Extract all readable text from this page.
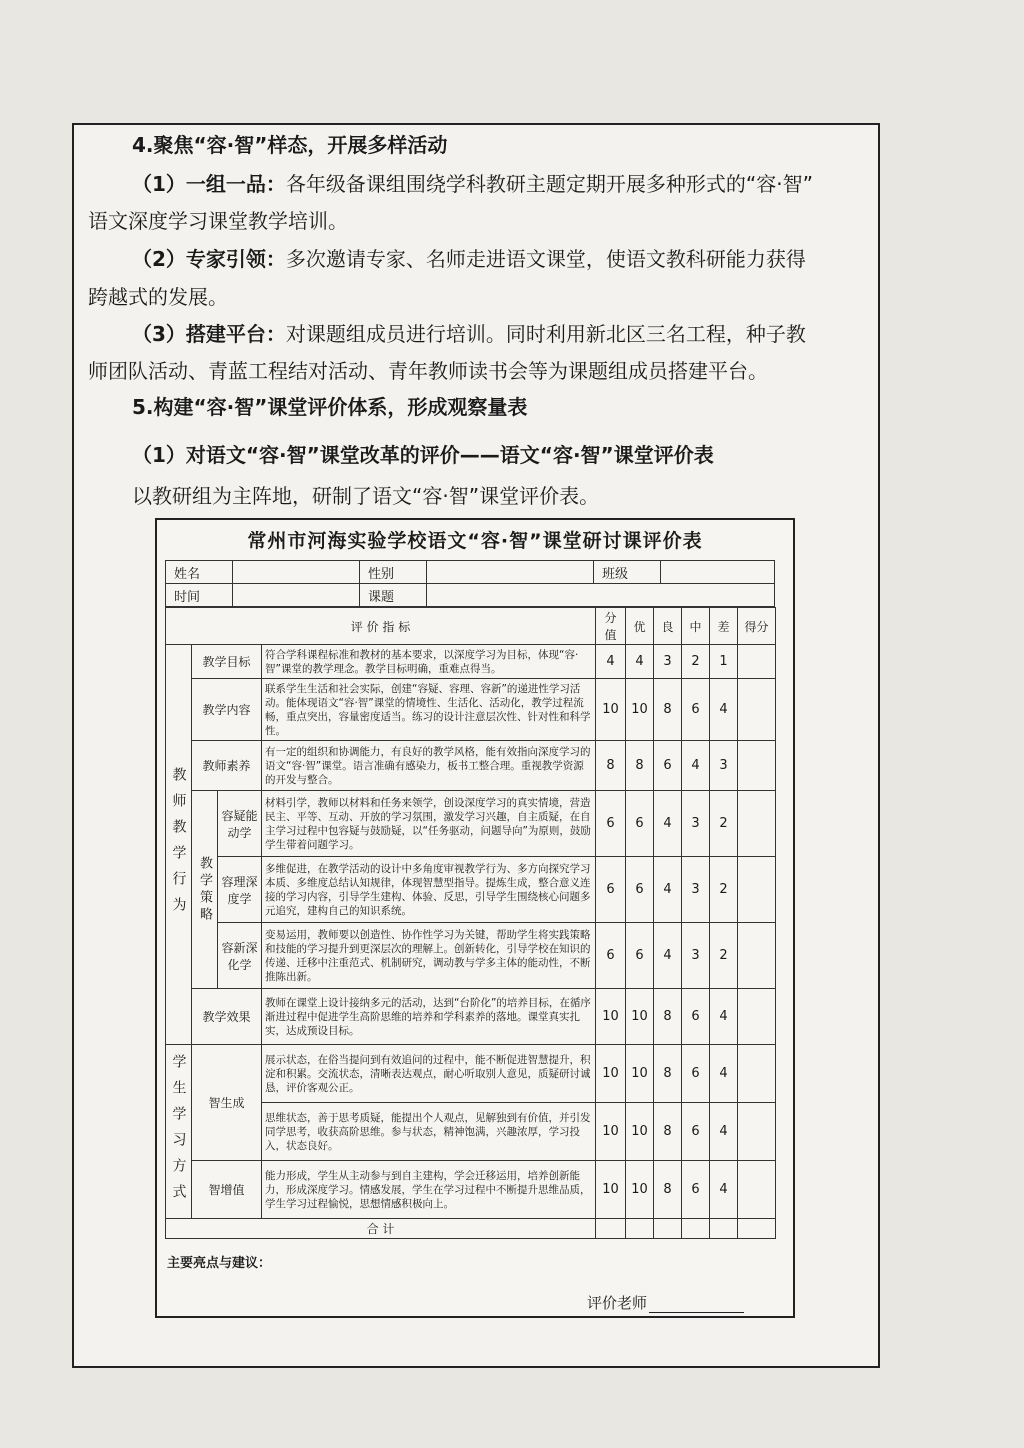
4.聚焦“容·智”样态，开展多样活动
（1）一组一品：各年级备课组围绕学科教研主题定期开展多种形式的“容·智”
语文深度学习课堂教学培训。
（2）专家引领：多次邀请专家、名师走进语文课堂，使语文教科研能力获得
跨越式的发展。
（3）搭建平台：对课题组成员进行培训。同时利用新北区三名工程，种子教
师团队活动、青蓝工程结对活动、青年教师读书会等为课题组成员搭建平台。
5.构建“容·智”课堂评价体系，形成观察量表
（1）对语文“容·智”课堂改革的评价——语文“容·智”课堂评价表
以教研组为主阵地，研制了语文“容·智”课堂评价表。
常州市河海实验学校语文“容·智”课堂研讨课评价表
姓名		性别		班级	
时间		课题			
评 价 指 标				分值	优	良	中	差	得分
教师教学行为	教学目标		符合学科课程标准和教材的基本要求，以深度学习为目标，体现“容·智”课堂的教学理念。教学目标明确，重难点得当。	4	4	3	2	1	
	教学内容		联系学生生活和社会实际，创建“容疑、容理、容新”的递进性学习活动。能体现语文“容·智”课堂的情境性、生活化、活动化，教学过程流畅，重点突出，容量密度适当。练习的设计注意层次性、针对性和科学性。	10	10	8	6	4	
	教师素养		有一定的组织和协调能力，有良好的教学风格，能有效指向深度学习的语文“容·智”课堂。语言准确有感染力，板书工整合理。重视教学资源的开发与整合。	8	8	6	4	3	
	教学策略	容疑能动学	材料引学，教师以材料和任务来领学，创设深度学习的真实情境，营造民主、平等、互动、开放的学习氛围，激发学习兴趣，自主质疑，在自主学习过程中包容疑与鼓励疑，以“任务驱动，问题导向”为原则，鼓励学生带着问题学习。	6	6	4	3	2	
		容理深度学	多维促进，在教学活动的设计中多角度审视教学行为、多方向探究学习本质、多维度总结认知规律，体现智慧型指导。提炼生成，整合意义连接的学习内容，引导学生建构、体验、反思，引导学生围绕核心问题多元追究，建构自己的知识系统。	6	6	4	3	2	
		容新深化学	变易运用，教师要以创造性、协作性学习为关键，帮助学生将实践策略和技能的学习提升到更深层次的理解上。创新转化，引导学校在知识的传递、迁移中注重范式、机制研究，调动教与学多主体的能动性，不断推陈出新。	6	6	4	3	2	
	教学效果		教师在课堂上设计接纳多元的活动，达到“台阶化”的培养目标，在循序渐进过程中促进学生高阶思维的培养和学科素养的落地。课堂真实扎实，达成预设目标。	10	10	8	6	4	
学生学习方式	智生成		展示状态，在俗当提问到有效追问的过程中，能不断促进智慧提升，积淀和积累。交流状态，清晰表达观点，耐心听取别人意见，质疑研讨诚恳，评价客观公正。	10	10	8	6	4	
			思维状态，善于思考质疑，能提出个人观点，见解独到有价值，并引发同学思考，收获高阶思维。参与状态，精神饱满，兴趣浓厚，学习投入，状态良好。	10	10	8	6	4	
	智增值		能力形成，学生从主动参与到自主建构，学会迁移运用，培养创新能力，形成深度学习。情感发展，学生在学习过程中不断提升思维品质，学生学习过程愉悦，思想情感积极向上。	10	10	8	6	4	
合 计									
主要亮点与建议：
评价老师
